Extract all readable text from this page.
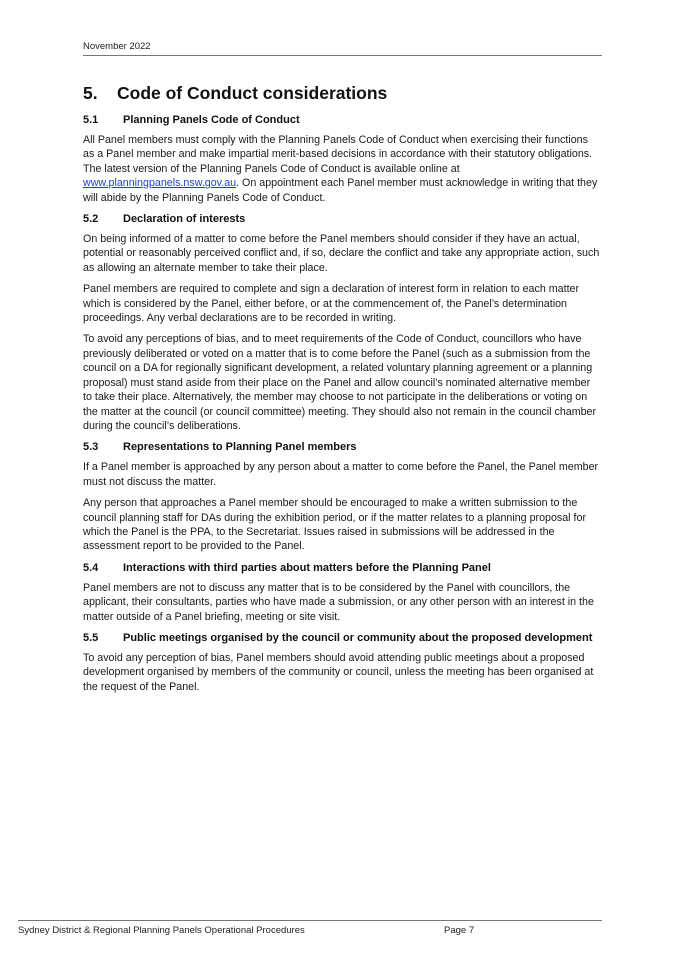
November 2022
5.	Code of Conduct considerations
5.1	Planning Panels Code of Conduct

All Panel members must comply with the Planning Panels Code of Conduct when exercising their functions as a Panel member and make impartial merit-based decisions in accordance with their statutory obligations. The latest version of the Planning Panels Code of Conduct is available online at www.planningpanels.nsw.gov.au. On appointment each Panel member must acknowledge in writing that they will abide by the Planning Panels Code of Conduct.

5.2	Declaration of interests

On being informed of a matter to come before the Panel members should consider if they have an actual, potential or reasonably perceived conflict and, if so, declare the conflict and take any appropriate action, such as allowing an alternate member to take their place.

Panel members are required to complete and sign a declaration of interest form in relation to each matter which is considered by the Panel, either before, or at the commencement of, the Panel’s determination proceedings. Any verbal declarations are to be recorded in writing.

To avoid any perceptions of bias, and to meet requirements of the Code of Conduct, councillors who have previously deliberated or voted on a matter that is to come before the Panel (such as a submission from the council on a DA for regionally significant development, a related voluntary planning agreement or a planning proposal) must stand aside from their place on the Panel and allow council’s nominated alternative member to take their place. Alternatively, the member may choose to not participate in the deliberations or voting on the matter at the council (or council committee) meeting. They should also not remain in the council chamber during the council’s deliberations.

5.3	Representations to Planning Panel members

If a Panel member is approached by any person about a matter to come before the Panel, the Panel member must not discuss the matter.

Any person that approaches a Panel member should be encouraged to make a written submission to the council planning staff for DAs during the exhibition period, or if the matter relates to a planning proposal for which the Panel is the PPA, to the Secretariat. Issues raised in submissions will be addressed in the assessment report to be provided to the Panel.

5.4	Interactions with third parties about matters before the Planning Panel

Panel members are not to discuss any matter that is to be considered by the Panel with councillors, the applicant, their consultants, parties who have made a submission, or any other person with an interest in the matter outside of a Panel briefing, meeting or site visit.

5.5	Public meetings organised by the council or community about the proposed development

To avoid any perception of bias, Panel members should avoid attending public meetings about a proposed development organised by members of the community or council, unless the meeting has been organised at the request of the Panel.

Sydney District & Regional Planning Panels Operational Procedures	Page 7
